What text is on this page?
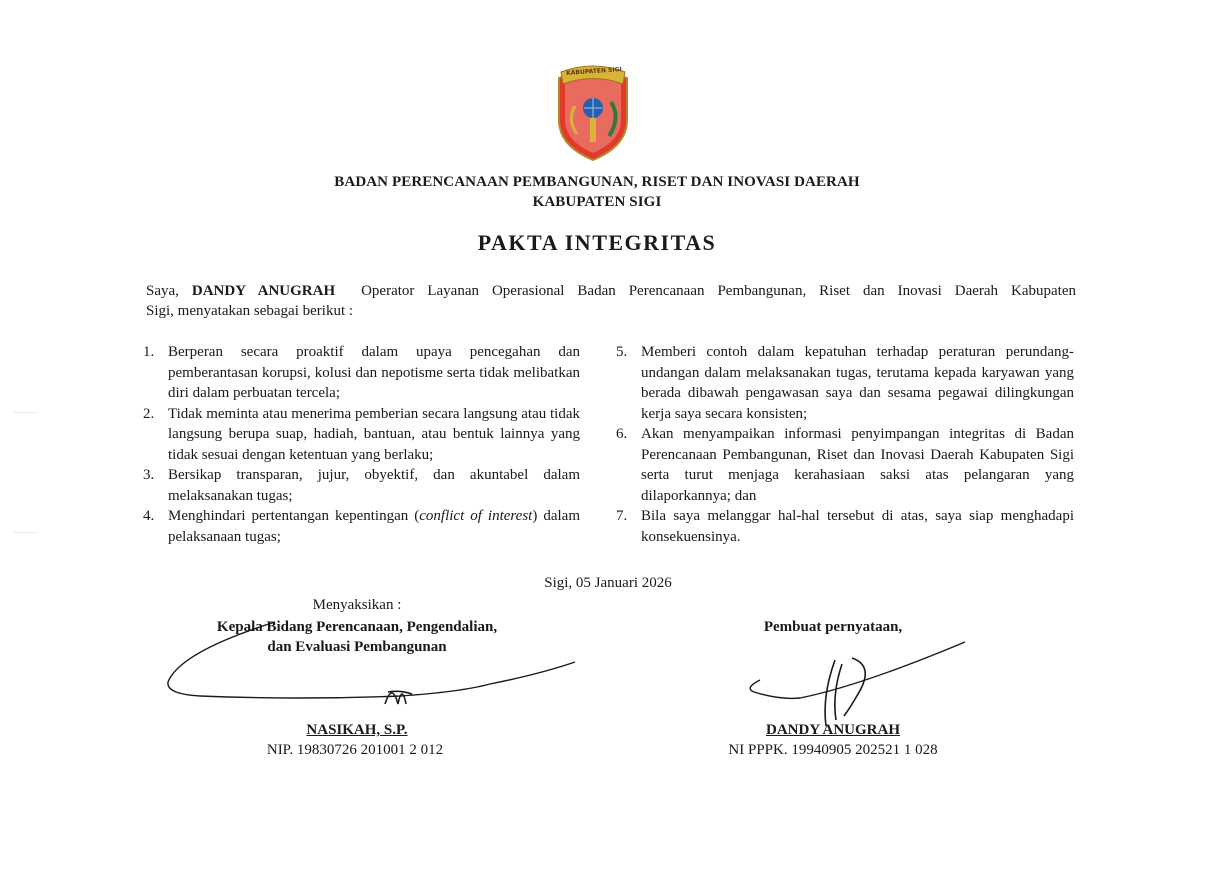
KABUPATEN SIGI
BADAN PERENCANAAN PEMBANGUNAN, RISET DAN INOVASI DAERAH
KABUPATEN SIGI
PAKTA INTEGRITAS
Saya, DANDY ANUGRAH  Operator Layanan Operasional Badan Perencanaan Pembangunan, Riset dan Inovasi Daerah Kabupaten
Sigi, menyatakan sebagai berikut :
1. Berperan secara proaktif dalam upaya pencegahan dan pemberantasan korupsi, kolusi dan nepotisme serta tidak melibatkan diri dalam perbuatan tercela;
2. Tidak meminta atau menerima pemberian secara langsung atau tidak langsung berupa suap, hadiah, bantuan, atau bentuk lainnya yang tidak sesuai dengan ketentuan yang berlaku;
3. Bersikap transparan, jujur, obyektif, dan akuntabel dalam melaksanakan tugas;
4. Menghindari pertentangan kepentingan (conflict of interest) dalam pelaksanaan tugas;
5. Memberi contoh dalam kepatuhan terhadap peraturan perundang-undangan dalam melaksanakan tugas, terutama kepada karyawan yang berada dibawah pengawasan saya dan sesama pegawai dilingkungan kerja saya secara konsisten;
6. Akan menyampaikan informasi penyimpangan integritas di Badan Perencanaan Pembangunan, Riset dan Inovasi Daerah Kabupaten Sigi serta turut menjaga kerahasiaan saksi atas pelangaran yang dilaporkannya; dan
7. Bila saya melanggar hal-hal tersebut di atas, saya siap menghadapi konsekuensinya.
Sigi, 05 Januari 2026
Menyaksikan :
Kepala Bidang Perencanaan, Pengendalian,
dan Evaluasi Pembangunan
NASIKAH, S.P.
NIP. 19830726 201001 2 012
Pembuat pernyataan,
DANDY ANUGRAH
NI PPPK. 19940905 202521 1 028
